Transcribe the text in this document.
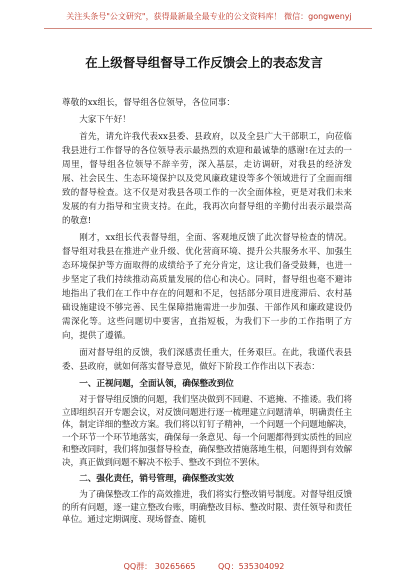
关注头条号"公文研究"，获得最新最全最专业的公文资料库！ 微信：gongwenyj
在上级督导组督导工作反馈会上的表态发言

尊敬的xx组长，督导组各位领导，各位同事：

大家下午好！

首先，请允许我代表xx县委、县政府，以及全县广大干部职工，向莅临我县进行工作督导的各位领导表示最热烈的欢迎和最诚挚的感谢!在过去的一周里，督导组各位领导不辞辛劳，深入基层，走访调研，对我县的经济发展、社会民生、生态环境保护以及党风廉政建设等多个领域进行了全面而细致的督导检查。这不仅是对我县各项工作的一次全面体检，更是对我们未来发展的有力指导和宝贵支持。在此，我再次向督导组的辛勤付出表示最崇高的敬意!

刚才，xx组长代表督导组，全面、客观地反馈了此次督导检查的情况。督导组对我县在推进产业升级、优化营商环境、提升公共服务水平、加强生态环境保护等方面取得的成绩给予了充分肯定，这让我们备受鼓舞，也进一步坚定了我们持续推动高质量发展的信心和决心。同时，督导组也毫不避讳地指出了我们在工作中存在的问题和不足，包括部分项目进度滞后、农村基础设施建设不够完善、民生保障措施需进一步加强、干部作风和廉政建设仍需深化等。这些问题切中要害，直指短板，为我们下一步的工作指明了方向，提供了遵循。

面对督导组的反馈，我们深感责任重大，任务艰巨。在此，我谨代表县委、县政府，就如何落实督导意见，做好下阶段工作作出以下表态：

一、正视问题，全面认领，确保整改到位

对于督导组反馈的问题，我们坚决做到不回避、不遮掩、不推诿。我们将立即组织召开专题会议，对反馈问题进行逐一梳理建立问题清单，明确责任主体，制定详细的整改方案。我们将以钉钉子精神，一个问题一个问题地解决，一个环节一个环节地落实，确保每一条意见、每一个问题都得到实质性的回应和整改同时，我们将加强督导检查，确保整改措施落地生根，问题得到有效解决，真正做到问题不解决不松手、整改不到位不罢休。

二、强化责任，销号管理，确保整改实效

为了确保整改工作的高效推进，我们将实行整改销号制度。对督导组反馈的所有问题，逐一建立整改台账，明确整改目标、整改时限、责任领导和责任单位。通过定期调度、现场督查、随机

QQ群： 30265665	QQ：535304092
